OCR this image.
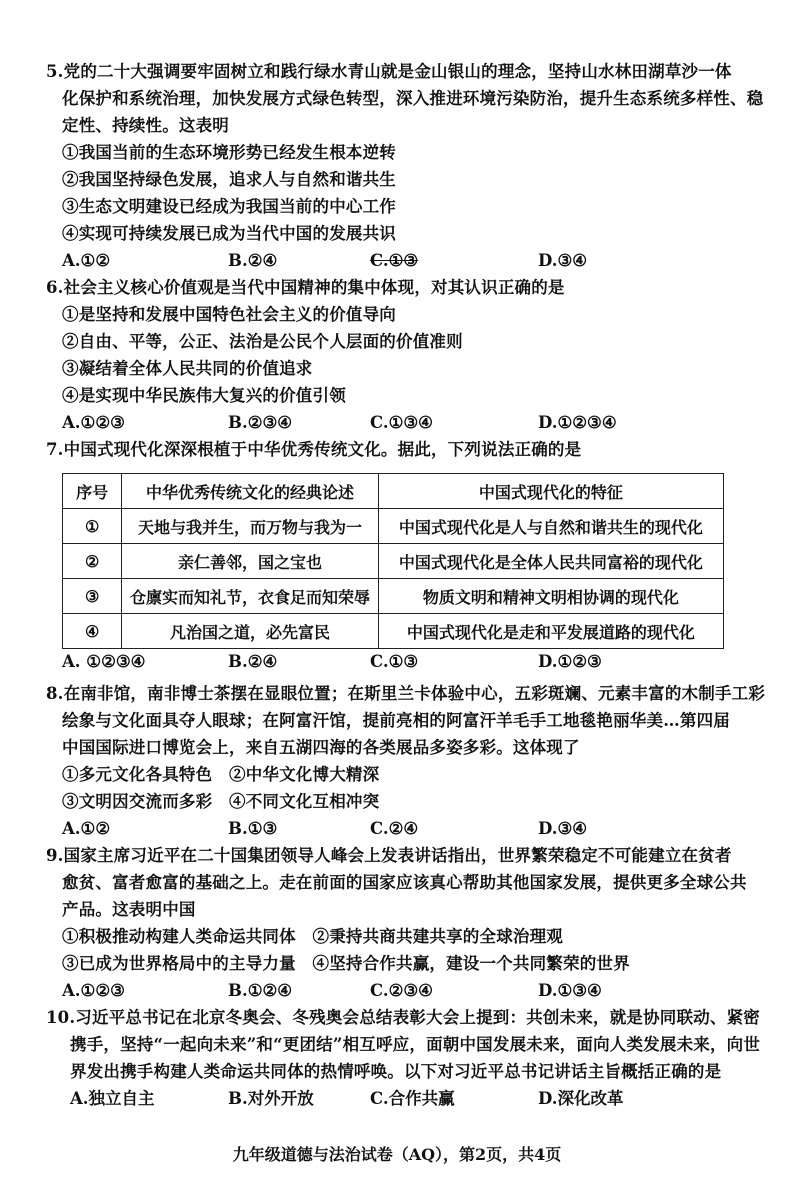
5.党的二十大强调要牢固树立和践行绿水青山就是金山银山的理念，坚持山水林田湖草沙一体
化保护和系统治理，加快发展方式绿色转型，深入推进环境污染防治，提升生态系统多样性、稳
定性、持续性。这表明
①我国当前的生态环境形势已经发生根本逆转
②我国坚持绿色发展，追求人与自然和谐共生
③生态文明建设已经成为我国当前的中心工作
④实现可持续发展已成为当代中国的发展共识
A.①②	B.②④	C.①③	D.③④
6.社会主义核心价值观是当代中国精神的集中体现，对其认识正确的是
①是坚持和发展中国特色社会主义的价值导向
②自由、平等，公正、法治是公民个人层面的价值准则
③凝结着全体人民共同的价值追求
④是实现中华民族伟大复兴的价值引领
A.①②③	B.②③④	C.①③④	D.①②③④
7.中国式现代化深深根植于中华优秀传统文化。据此，下列说法正确的是
序号	中华优秀传统文化的经典论述	中国式现代化的特征
①	天地与我并生，而万物与我为一	中国式现代化是人与自然和谐共生的现代化
②	亲仁善邻，国之宝也	中国式现代化是全体人民共同富裕的现代化
③	仓廪实而知礼节，衣食足而知荣辱	物质文明和精神文明相协调的现代化
④	凡治国之道，必先富民	中国式现代化是走和平发展道路的现代化
A. ①②③④	B.②④	C.①③	D.①②③
8.在南非馆，南非博士茶摆在显眼位置；在斯里兰卡体验中心，五彩斑斓、元素丰富的木制手工彩
绘象与文化面具夺人眼球；在阿富汗馆，提前亮相的阿富汗羊毛手工地毯艳丽华美…第四届
中国国际进口博览会上，来自五湖四海的各类展品多姿多彩。这体现了
①多元文化各具特色　②中华文化博大精深
③文明因交流而多彩　④不同文化互相冲突
A.①②	B.①③	C.②④	D.③④
9.国家主席习近平在二十国集团领导人峰会上发表讲话指出，世界繁荣稳定不可能建立在贫者
愈贫、富者愈富的基础之上。走在前面的国家应该真心帮助其他国家发展，提供更多全球公共
产品。这表明中国
①积极推动构建人类命运共同体　②秉持共商共建共享的全球治理观
③已成为世界格局中的主导力量　④坚持合作共赢，建设一个共同繁荣的世界
A.①②③	B.①②④	C.②③④	D.①③④
10.习近平总书记在北京冬奥会、冬残奥会总结表彰大会上提到：共创未来，就是协同联动、紧密
携手，坚持“一起向未来”和“更团结”相互呼应，面朝中国发展未来，面向人类发展未来，向世
界发出携手构建人类命运共同体的热情呼唤。以下对习近平总书记讲话主旨概括正确的是
A.独立自主	B.对外开放	C.合作共赢	D.深化改革
九年级道德与法治试卷（AQ），第2页，共4页
